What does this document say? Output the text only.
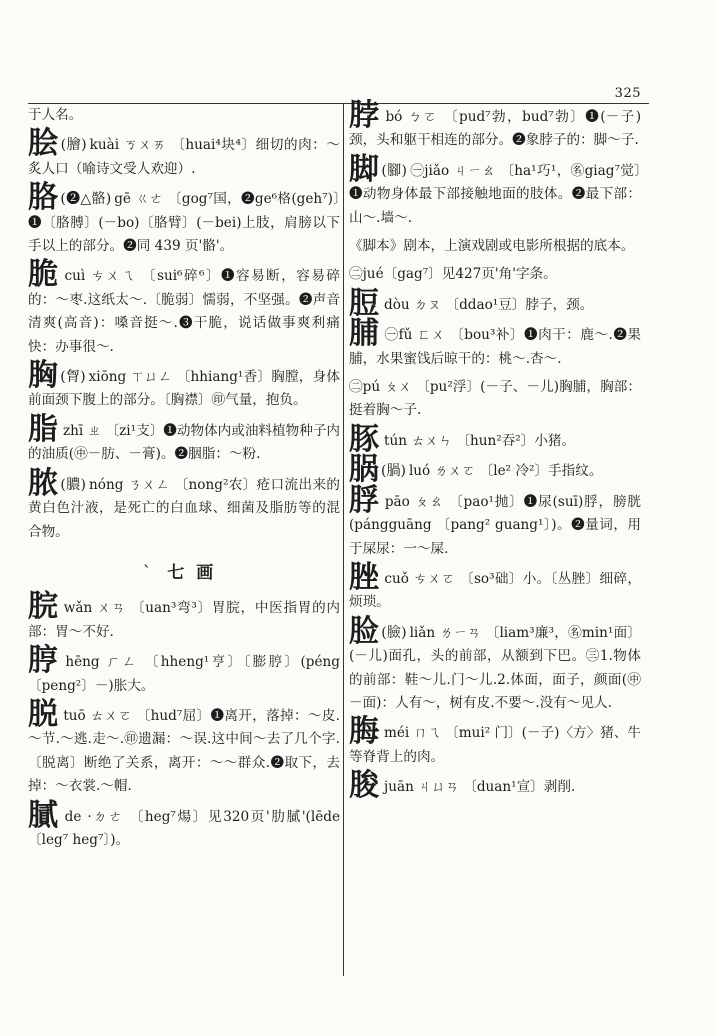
325
于人名。
脍 (膾) kuài ㄎㄨㄞ 〔huai⁴块⁴〕细切的肉：～炙人口（喻诗文受人欢迎）.
胳 (❷△骼) gē ㄍㄜ 〔gog⁷国，❷ge⁶格(geh⁷)〕❶〔胳膊〕(－bo)〔胳臂〕(－bei)上肢，肩膀以下手以上的部分。❷同 439 页'骼'。
脆cuì ㄘㄨㄟ 〔sui⁶碎⁶〕❶容易断，容易碎的：～枣.这纸太～.〔脆弱〕懦弱，不坚强。❷声音清爽(高音)：嗓音挺～.❸干脆，说话做事爽利痛快：办事很～.
胸 (胷) xiōng ㄒㄩㄥ 〔hhiang¹香〕胸膛，身体前面颈下腹上的部分。〔胸襟〕㊞气量，抱负。
脂zhī ㄓ 〔zi¹支〕❶动物体内或油料植物种子内的油质(㊥－肪、－膏)。❷胭脂：～粉.
脓 (膿) nóng ㄋㄨㄥ 〔nong²农〕疮口流出来的黄白色汁液，是死亡的白血球、细菌及脂肪等的混合物。
ˋ 七画
脘wǎn ㄨㄢ 〔uan³弯³〕胃脘，中医指胃的内部：胃～不好.
脝hēng ㄏㄥ 〔hheng¹亨〕〔膨脝〕(péng 〔peng²〕－)胀大。
脱tuō ㄊㄨㄛ 〔hud⁷屈〕❶离开，落掉：～皮.～节.～逃.走～.㊞遗漏：～误.这中间～去了几个字.〔脱离〕断绝了关系，离开：～～群众.❷取下，去掉：～衣裳.～帽.
膩de ·ㄉㄜ 〔heg⁷煬〕见320页'肋膩'(lēde 〔leg⁷ heg⁷〕)。
脖bó ㄅㄛ 〔pud⁷勃，bud⁷勃〕❶(－子)颈，头和躯干相连的部分。❷象脖子的：脚～子.
脚 (腳) ㊀jiǎo ㄐㄧㄠ 〔ha¹巧¹，㊔giag⁷觉〕❶动物身体最下部接触地面的肢体。❷最下部：山～.墙～.
《脚本》剧本，上演戏剧或电影所根据的底本。
㊁jué〔gag⁷〕见427页'角'字条。
脰dòu ㄉㄡ 〔ddao¹豆〕脖子，颈。
脯 ㊀fǔ ㄈㄨ 〔bou³补〕❶肉干：鹿～.❷果脯，水果蜜饯后晾干的：桃～.杏～.
㊁pú ㄆㄨ 〔pu²浮〕(－子、－儿)胸脯，胸部：挺着胸～子.
豚tún ㄊㄨㄣ 〔hun²吞²〕小猪。
脶 (腡) luó ㄌㄨㄛ 〔le² 冷²〕手指纹。
脬pāo ㄆㄠ 〔pao¹抛〕❶尿(suī)脬，膀胱(pángguāng 〔pang² guang¹〕)。❷量词，用于屎尿：一～屎.
脞cuǒ ㄘㄨㄛ 〔so³础〕小。〔丛脞〕细碎，烦琐。
脸 (臉) liǎn ㄌㄧㄢ 〔liam³廉³，㊔min¹面〕(－儿)面孔，头的前部，从额到下巴。㊂1.物体的前部：鞋～儿.门～儿.2.体面，面子，颜面(㊥－面)：人有～，树有皮.不要～.没有～见人.
脢méi ㄇㄟ 〔mui² 门〕(－子)〈方〉猪、牛等脊背上的肉。
朘juān ㄐㄩㄢ 〔duan¹宣〕剥削.
